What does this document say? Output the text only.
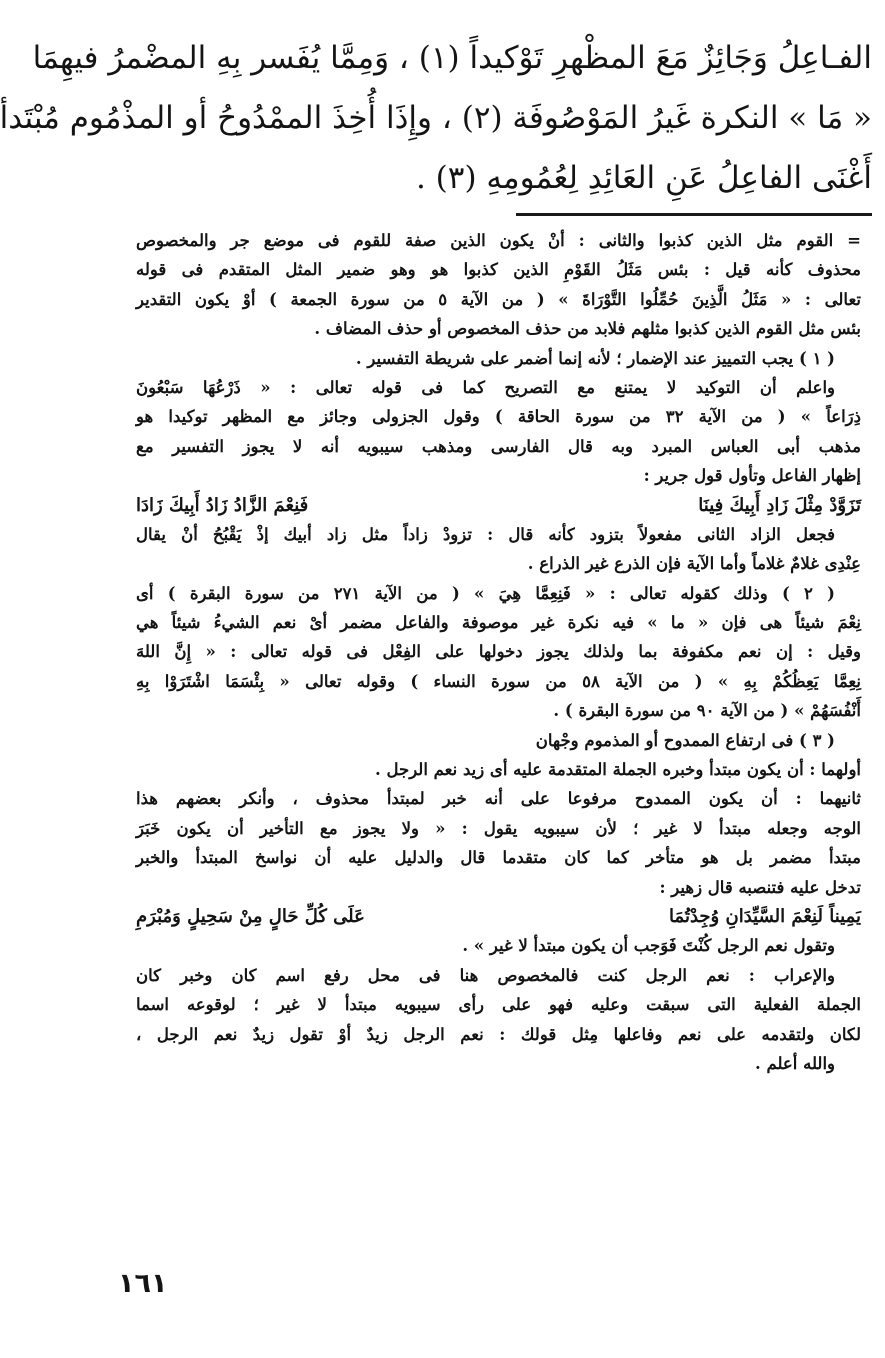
الفـاعِلُ وَجَائِزٌ مَعَ المظْهرِ تَوْكيداً (١) ، وَمِمَّا يُفَسر بِهِ المضْمرُ فيهِمَا
« مَا » النكرة غَيرُ المَوْصُوفَة (٢) ، وإِذَا أُخِذَ الممْدُوحُ أو المذْمُوم مُبْتَدأ
أَغْنَى الفاعِلُ عَنِ العَائِدِ لِعُمُومِهِ (٣) .
= القوم مثل الذين كذبوا والثانى : أنْ يكون الذين صفة للقوم فى موضع جر والمخصوص
محذوف كأنه قيل : بئس مَثَلُ القَوْمِ الذين كذبوا هو وهو ضمير المثل المتقدم فى قوله
تعالى : « مَثَلُ الَّذِينَ حُمِّلُوا التَّوْرَاةَ » ( من الآية ٥ من سورة الجمعة ) أوْ يكون التقدير
بئس مثل القوم الذين كذبوا مثلهم فلابد من حذف المخصوص أو حذف المضاف .
( ١ ) يجب التمييز عند الإضمار ؛ لأنه إنما أضمر على شريطة التفسير .
واعلم أن التوكيد لا يمتنع مع التصريح كما فى قوله تعالى : « ذَرْعُهَا سَبْعُونَ
ذِرَاعاً » ( من الآية ٣٢ من سورة الحاقة ) وقول الجزولى وجائز مع المظهر توكيدا هو
مذهب أبى العباس المبرد وبه قال الفارسى ومذهب سيبويه أنه لا يجوز التفسير مع
إظهار الفاعل وتأول قول جرير :
تَزَوَّدْ مِثْلَ زَادِ أَبِيكَ فِينَا
فَنِعْمَ الزَّادُ زَادُ أَبِيكَ زَادَا
فجعل الزاد الثانى مفعولاً بتزود كأنه قال : تزودْ زاداً مثل زاد أبيك إذْ يَقْبُحُ أنْ يقال
عِنْدِى غلامٌ غلاماً وأما الآية فإن الذرع غير الذراع .
( ٢ ) وذلك كقوله تعالى : « فَنِعِمَّا هِيَ » ( من الآية ٢٧١ من سورة البقرة ) أى
نِعْمَ شيئاً هى فإن « ما » فيه نكرة غير موصوفة والفاعل مضمر أىْ نعم الشيءُ شيئاً هي
وقيل : إن نعم مكفوفة بما ولذلك يجوز دخولها على الفِعْل فى قوله تعالى : « إِنَّ اللهَ
نِعِمَّا يَعِظُكُمْ بِهِ » ( من الآية ٥٨ من سورة النساء ) وقوله تعالى « بِئْسَمَا اشْتَرَوْا بِهِ
أَنْفُسَهُمْ » ( من الآية ٩٠ من سورة البقرة ) .
( ٣ ) فى ارتفاع الممدوح أو المذموم وجْهان
أولهما : أن يكون مبتدأ وخبره الجملة المتقدمة عليه أى زيد نعم الرجل .
ثانيهما : أن يكون الممدوح مرفوعا على أنه خبر لمبتدأ محذوف ، وأنكر بعضهم هذا
الوجه وجعله مبتدأ لا غير ؛ لأن سيبويه يقول : « ولا يجوز مع التأخير أن يكون خَبَرَ
مبتدأ مضمر بل هو متأخر كما كان متقدما قال والدليل عليه أن نواسخ المبتدأ والخبر
تدخل عليه فتنصبه قال زهير :
يَمِيناً لَنِعْمَ السَّيِّدَانِ وُجِدْتُمَا
عَلَى كُلِّ حَالٍ مِنْ سَحِيلٍ وَمُبْرَمِ
وتقول نعم الرجل كُنْتَ فَوَجب أن يكون مبتدأ لا غير » .
والإعراب : نعم الرجل كنت فالمخصوص هنا فى محل رفع اسم كان وخبر كان
الجملة الفعلية التى سبقت وعليه فهو على رأى سيبويه مبتدأ لا غير ؛ لوقوعه اسما
لكان ولتقدمه على نعم وفاعلها مِثل قولك : نعم الرجل زيدٌ أوْ تقول زيدٌ نعم الرجل ،
والله أعلم .
١٦١
